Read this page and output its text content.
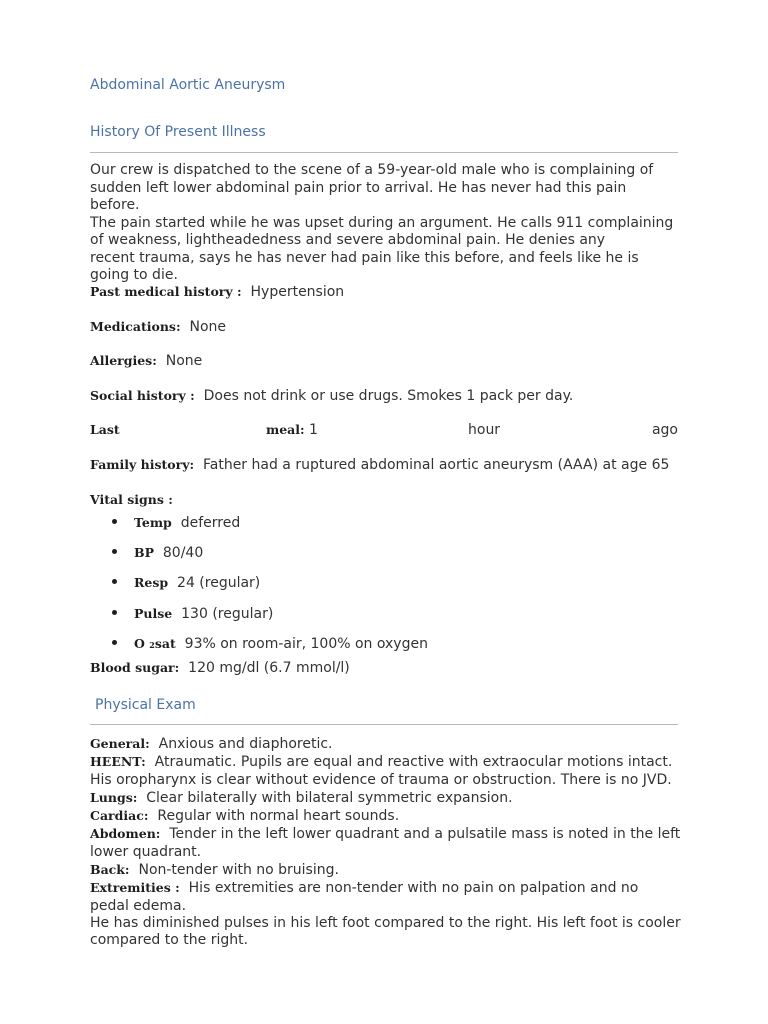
Abdominal Aortic Aneurysm
History Of Present Illness
Our crew is dispatched to the scene of a 59-year-old male who is complaining of
sudden left lower abdominal pain prior to arrival. He has never had this pain before.
The pain started while he was upset during an argument. He calls 911 complaining
of weakness, lightheadedness and severe abdominal pain. He denies any
recent trauma, says he has never had pain like this before, and feels like he is
going to die.
Past medical history : Hypertension
Medications: None
Allergies: None
Social history : Does not drink or use drugs. Smokes 1 pack per day.
Last	meal: 1	hour	ago
Family history: Father had a ruptured abdominal aortic aneurysm (AAA) at age 65
Vital signs :
Temp deferred
BP 80/40
Resp 24 (regular)
Pulse 130 (regular)
O 2sat 93% on room-air, 100% on oxygen
Blood sugar: 120 mg/dl (6.7 mmol/l)
Physical Exam
General: Anxious and diaphoretic.
HEENT: Atraumatic. Pupils are equal and reactive with extraocular motions intact.
His oropharynx is clear without evidence of trauma or obstruction. There is no JVD.
Lungs: Clear bilaterally with bilateral symmetric expansion.
Cardiac: Regular with normal heart sounds.
Abdomen: Tender in the left lower quadrant and a pulsatile mass is noted in the left
lower quadrant.
Back: Non-tender with no bruising.
Extremities : His extremities are non-tender with no pain on palpation and no
pedal edema.
He has diminished pulses in his left foot compared to the right. His left foot is cooler
compared to the right.
